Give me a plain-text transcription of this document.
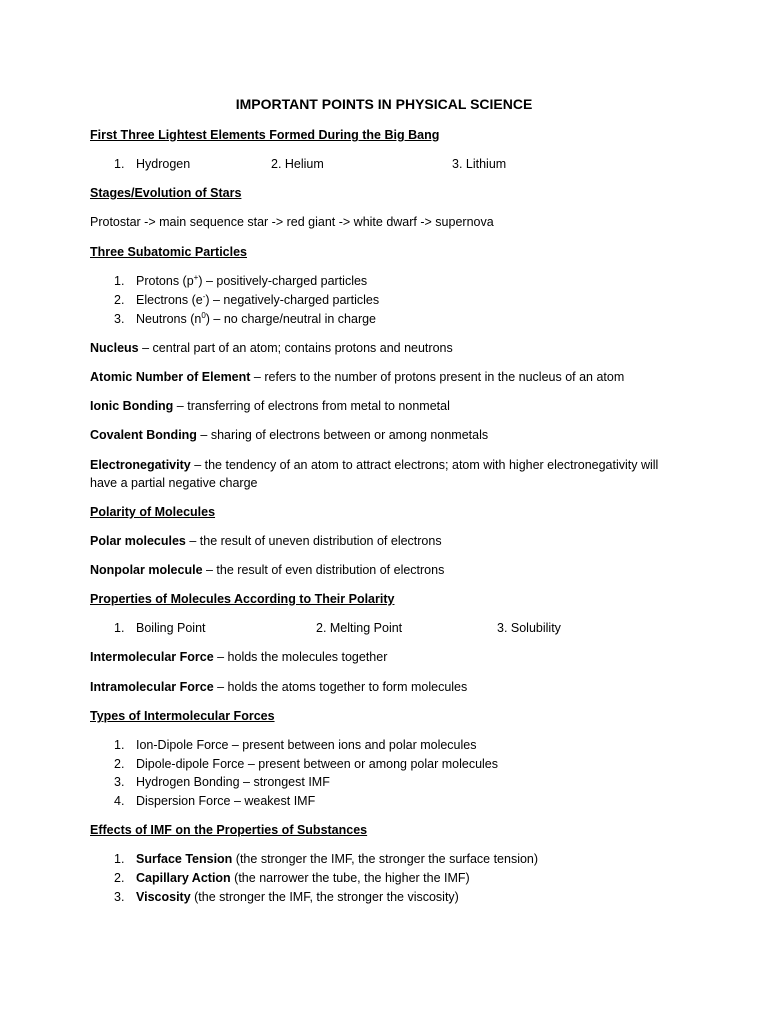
IMPORTANT POINTS IN PHYSICAL SCIENCE
First Three Lightest Elements Formed During the Big Bang
1. Hydrogen	2. Helium	3. Lithium
Stages/Evolution of Stars
Protostar -> main sequence star -> red giant -> white dwarf -> supernova
Three Subatomic Particles
1. Protons (p+) – positively-charged particles
2. Electrons (e-) – negatively-charged particles
3. Neutrons $(n^0)$ – no charge/neutral in charge
Nucleus – central part of an atom; contains protons and neutrons
Atomic Number of Element – refers to the number of protons present in the nucleus of an atom
Ionic Bonding – transferring of electrons from metal to nonmetal
Covalent Bonding – sharing of electrons between or among nonmetals
Electronegativity – the tendency of an atom to attract electrons; atom with higher electronegativity will
have a partial negative charge
Polarity of Molecules
Polar molecules – the result of uneven distribution of electrons
Nonpolar molecule – the result of even distribution of electrons
Properties of Molecules According to Their Polarity
1. Boiling Point	2. Melting Point	3. Solubility
Intermolecular Force – holds the molecules together
Intramolecular Force – holds the atoms together to form molecules
Types of Intermolecular Forces
1. Ion-Dipole Force – present between ions and polar molecules
2. Dipole-dipole Force – present between or among polar molecules
3. Hydrogen Bonding – strongest IMF
4. Dispersion Force – weakest IMF
Effects of IMF on the Properties of Substances
1. Surface Tension (the stronger the IMF, the stronger the surface tension)
2. Capillary Action (the narrower the tube, the higher the IMF)
3. Viscosity (the stronger the IMF, the stronger the viscosity)
